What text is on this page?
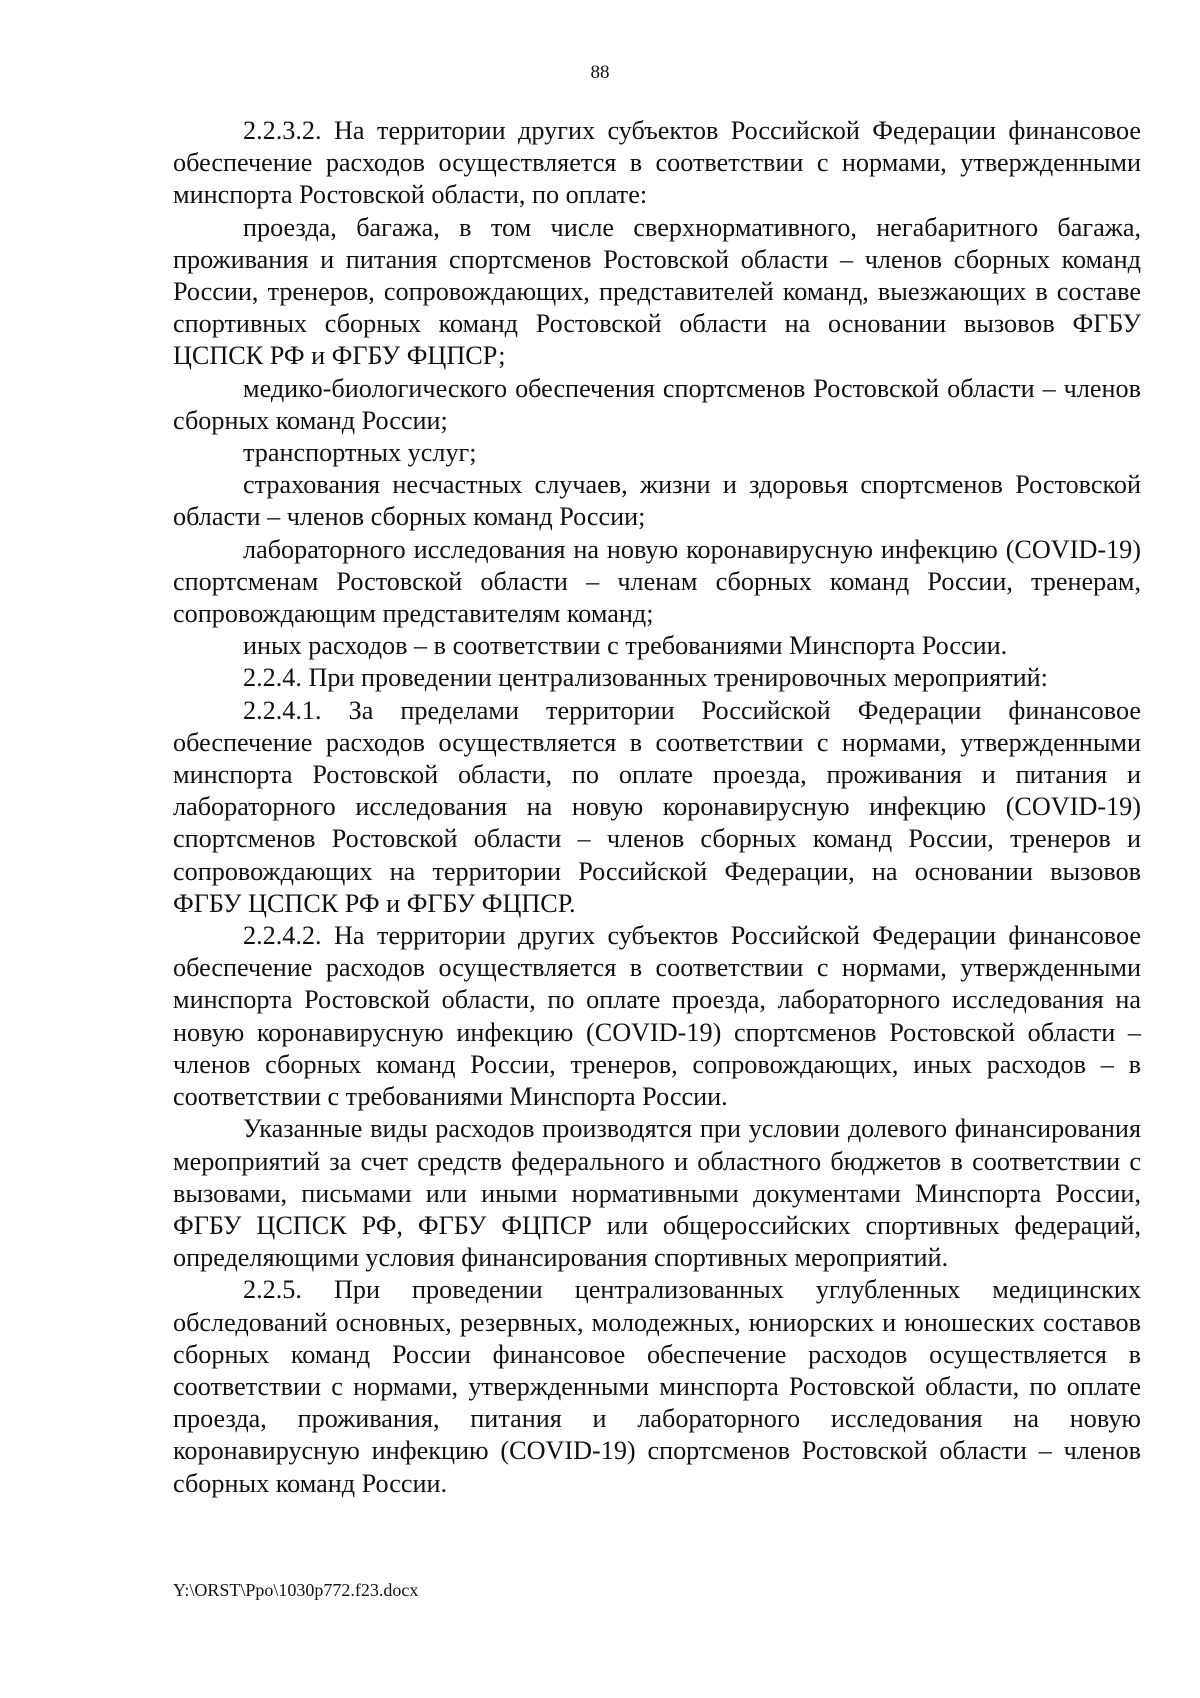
88

2.2.3.2. На территории других субъектов Российской Федерации финансовое обеспечение расходов осуществляется в соответствии с нормами, утвержденными минспорта Ростовской области, по оплате:

проезда, багажа, в том числе сверхнормативного, негабаритного багажа, проживания и питания спортсменов Ростовской области – членов сборных команд России, тренеров, сопровождающих, представителей команд, выезжающих в составе спортивных сборных команд Ростовской области на основании вызовов ФГБУ ЦСПСК РФ и ФГБУ ФЦПСР;

медико-биологического обеспечения спортсменов Ростовской области – членов сборных команд России;

транспортных услуг;

страхования несчастных случаев, жизни и здоровья спортсменов Ростовской области – членов сборных команд России;

лабораторного исследования на новую коронавирусную инфекцию (COVID-19) спортсменам Ростовской области – членам сборных команд России, тренерам, сопровождающим представителям команд;

иных расходов – в соответствии с требованиями Минспорта России.

2.2.4. При проведении централизованных тренировочных мероприятий:

2.2.4.1. За пределами территории Российской Федерации финансовое обеспечение расходов осуществляется в соответствии с нормами, утвержденными минспорта Ростовской области, по оплате проезда, проживания и питания и лабораторного исследования на новую коронавирусную инфекцию (COVID-19) спортсменов Ростовской области – членов сборных команд России, тренеров и сопровождающих на территории Российской Федерации, на основании вызовов ФГБУ ЦСПСК РФ и ФГБУ ФЦПСР.

2.2.4.2. На территории других субъектов Российской Федерации финансовое обеспечение расходов осуществляется в соответствии с нормами, утвержденными минспорта Ростовской области, по оплате проезда, лабораторного исследования на новую коронавирусную инфекцию (COVID-19) спортсменов Ростовской области – членов сборных команд России, тренеров, сопровождающих, иных расходов – в соответствии с требованиями Минспорта России.

Указанные виды расходов производятся при условии долевого финансирования мероприятий за счет средств федерального и областного бюджетов в соответствии с вызовами, письмами или иными нормативными документами Минспорта России, ФГБУ ЦСПСК РФ, ФГБУ ФЦПСР или общероссийских спортивных федераций, определяющими условия финансирования спортивных мероприятий.

2.2.5. При проведении централизованных углубленных медицинских обследований основных, резервных, молодежных, юниорских и юношеских составов сборных команд России финансовое обеспечение расходов осуществляется в соответствии с нормами, утвержденными минспорта Ростовской области, по оплате проезда, проживания, питания и лабораторного исследования на новую коронавирусную инфекцию (COVID-19) спортсменов Ростовской области – членов сборных команд России.

Y:\ORST\Ppo\1030p772.f23.docx
